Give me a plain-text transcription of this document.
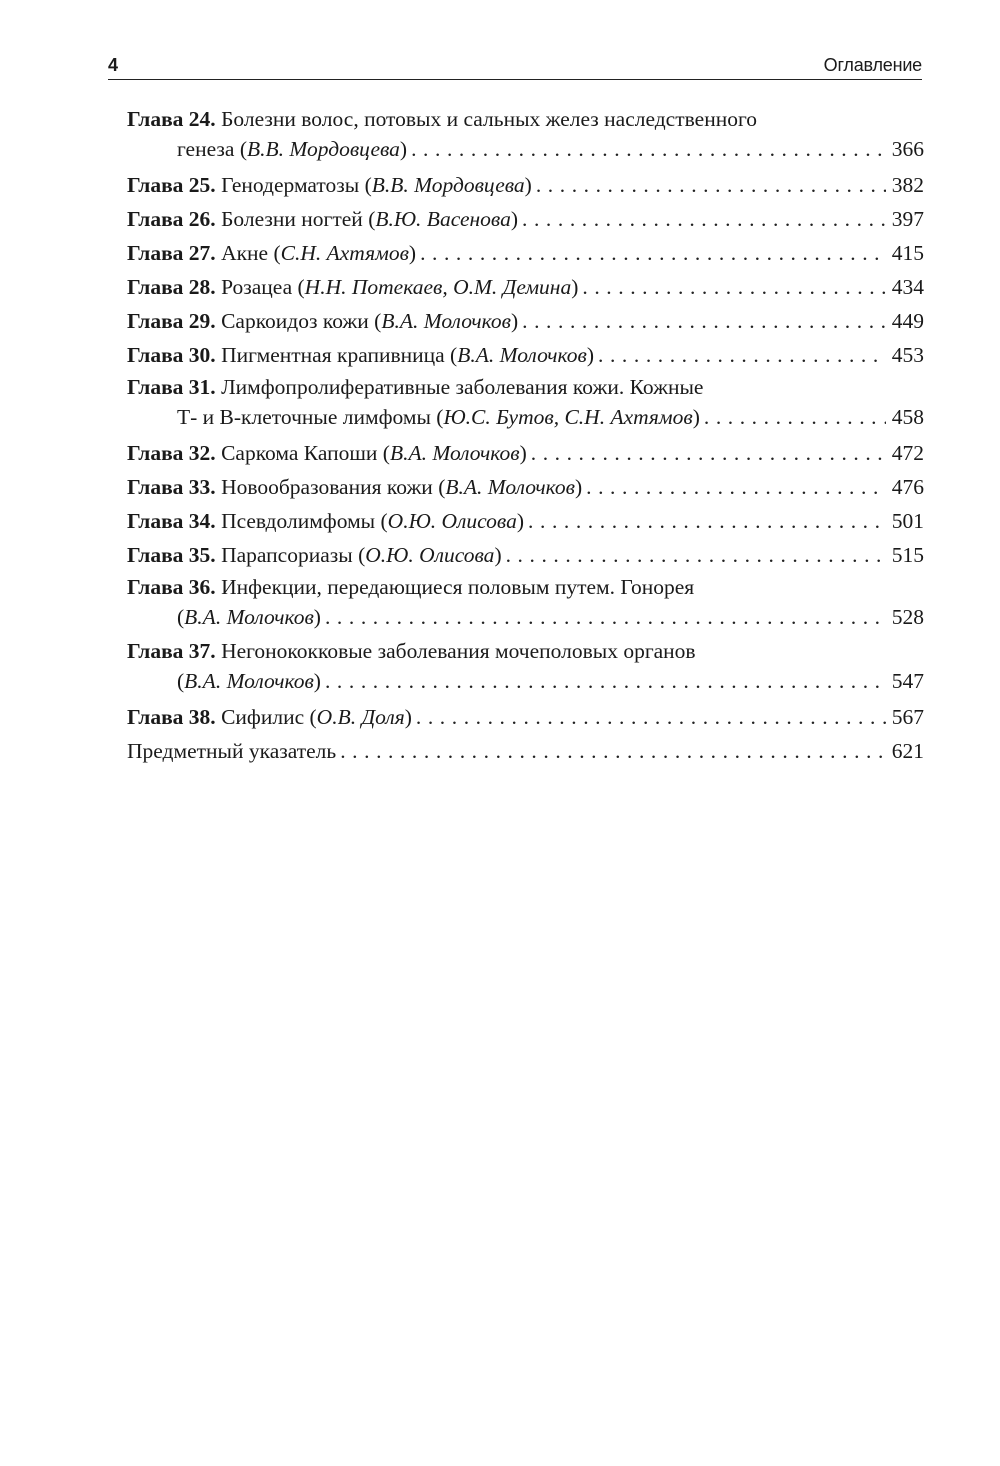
4	Оглавление
Глава 24. Болезни волос, потовых и сальных желез наследственного
генеза (В.В. Мордовцева) . . .	366
Глава 25. Генодерматозы (В.В. Мордовцева) . . .	382
Глава 26. Болезни ногтей (В.Ю. Васенова) . . .	397
Глава 27. Акне (С.Н. Ахтямов) . . .	415
Глава 28. Розацеа (Н.Н. Потекаев, О.М. Демина) . . .	434
Глава 29. Саркоидоз кожи (В.А. Молочков) . . .	449
Глава 30. Пигментная крапивница (В.А. Молочков) . . .	453
Глава 31. Лимфопролиферативные заболевания кожи. Кожные
Т- и В-клеточные лимфомы (Ю.С. Бутов, С.Н. Ахтямов) . . .	458
Глава 32. Саркома Капоши (В.А. Молочков) . . .	472
Глава 33. Новообразования кожи (В.А. Молочков) . . .	476
Глава 34. Псевдолимфомы (О.Ю. Олисова) . . .	501
Глава 35. Парапсориазы (О.Ю. Олисова) . . .	515
Глава 36. Инфекции, передающиеся половым путем. Гонорея
(В.А. Молочков) . . .	528
Глава 37. Негонококковые заболевания мочеполовых органов
(В.А. Молочков) . . .	547
Глава 38. Сифилис (О.В. Доля) . . .	567
Предметный указатель . . .	621
